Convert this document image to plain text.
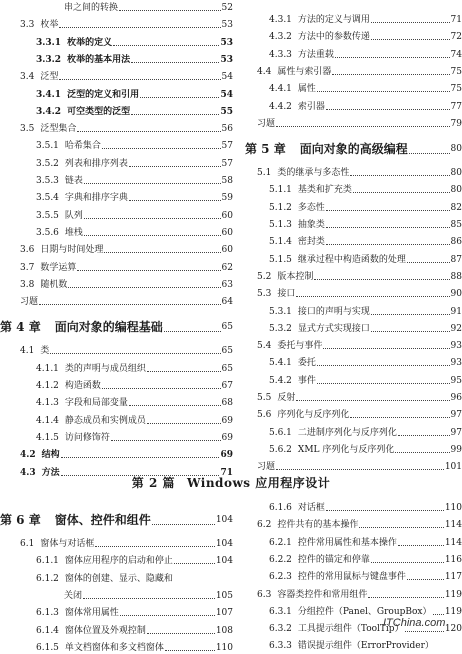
串之间的转换	52
3.3 枚举	53
3.3.1 枚举的定义	53
3.3.2 枚举的基本用法	53
3.4 泛型	54
3.4.1 泛型的定义和引用	54
3.4.2 可空类型的泛型	55
3.5 泛型集合	56
3.5.1 哈希集合	57
3.5.2 列表和排序列表	57
3.5.3 链表	58
3.5.4 字典和排序字典	59
3.5.5 队列	60
3.5.6 堆栈	60
3.6 日期与时间处理	60
3.7 数学运算	62
3.8 随机数	63
习题	64
第 4 章 面向对象的编程基础	65
4.1 类	65
4.1.1 类的声明与成员组织	65
4.1.2 构造函数	67
4.1.3 字段和局部变量	68
4.1.4 静态成员和实例成员	69
4.1.5 访问修饰符	69
4.2 结构	69
4.3 方法	71
4.3.1 方法的定义与调用	71
4.3.2 方法中的参数传递	72
4.3.3 方法重载	74
4.4 属性与索引器	75
4.4.1 属性	75
4.4.2 索引器	77
习题	79
第 5 章 面向对象的高级编程	80
5.1 类的继承与多态性	80
5.1.1 基类和扩充类	80
5.1.2 多态性	82
5.1.3 抽象类	85
5.1.4 密封类	86
5.1.5 继承过程中构造函数的处理	87
5.2 版本控制	88
5.3 接口	90
5.3.1 接口的声明与实现	91
5.3.2 显式方式实现接口	92
5.4 委托与事件	93
5.4.1 委托	93
5.4.2 事件	95
5.5 反射	96
5.6 序列化与反序列化	97
5.6.1 二进制序列化与反序列化	97
5.6.2 XML 序列化与反序列化	99
习题	101
第 2 篇 Windows 应用程序设计
第 6 章 窗体、控件和组件	104
6.1 窗体与对话框	104
6.1.1 窗体应用程序的启动和停止	104
6.1.2 窗体的创建、显示、隐藏和
关闭	105
6.1.3 窗体常用属性	107
6.1.4 窗体位置及外观控制	108
6.1.5 单文档窗体和多文档窗体	110
6.1.6 对话框	110
6.2 控件共有的基本操作	114
6.2.1 控件常用属性和基本操作	114
6.2.2 控件的锚定和停靠	116
6.2.3 控件的常用鼠标与键盘事件	117
6.3 容器类控件和常用组件	119
6.3.1 分组控件（Panel、GroupBox） 119
6.3.2 工具提示组件（ToolTip）	120
6.3.3 错误提示组件（ErrorProvider）
ITChina.com
